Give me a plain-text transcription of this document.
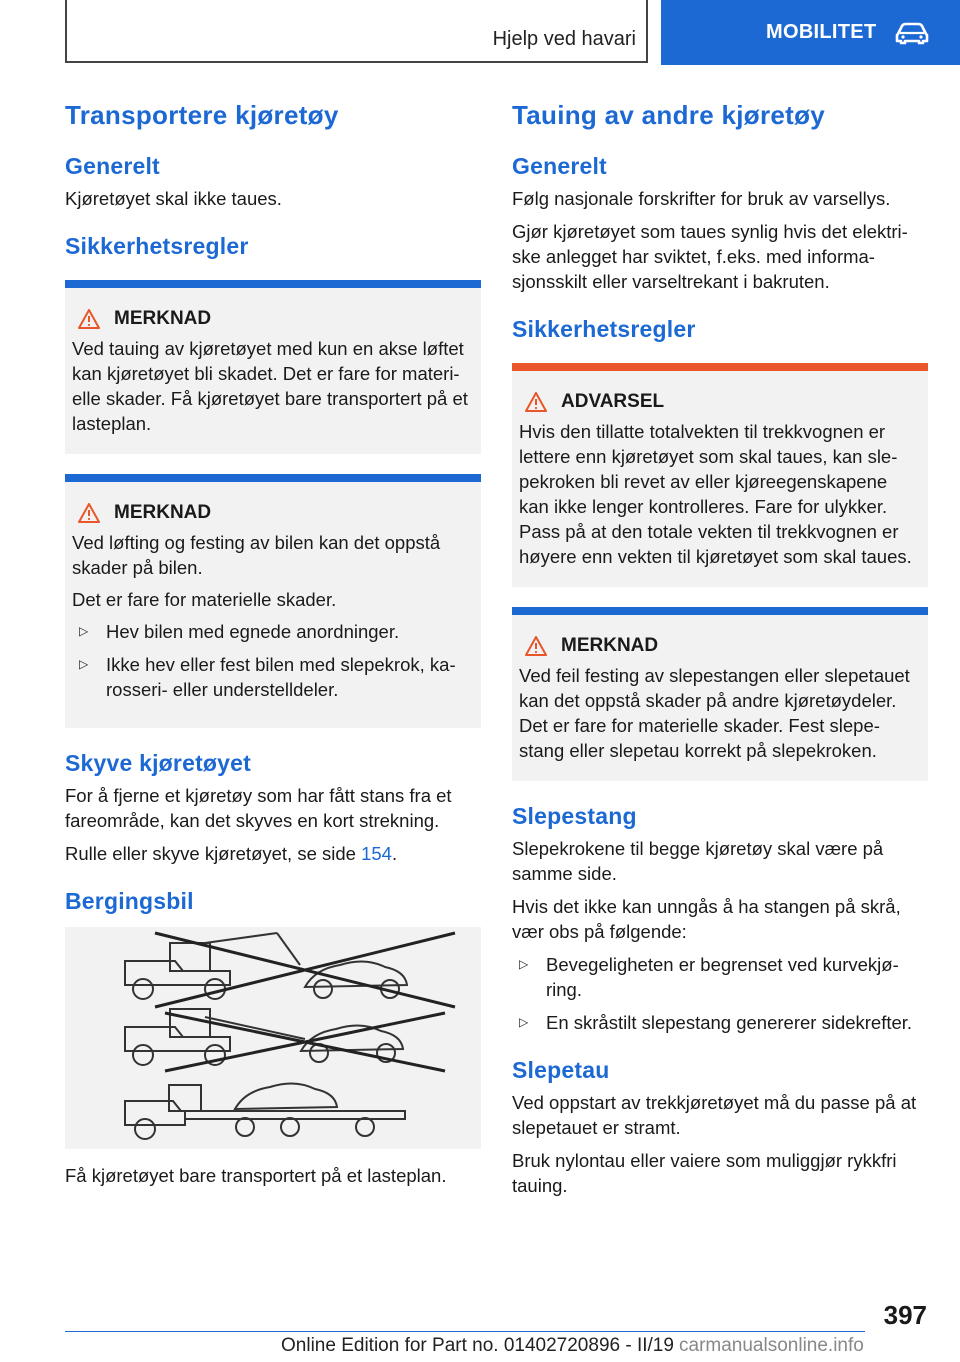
Hjelp ved havari	MOBILITET
Transportere kjøretøy
Generelt
Kjøretøyet skal ikke taues.
Sikkerhetsregler
MERKNAD
Ved tauing av kjøretøyet med kun en akse løftet kan kjøretøyet bli skadet. Det er fare for materi-elle skader. Få kjøretøyet bare transportert på et lasteplan.
MERKNAD
Ved løfting og festing av bilen kan det oppstå skader på bilen.
Det er fare for materielle skader.
▷ Hev bilen med egnede anordninger.
▷ Ikke hev eller fest bilen med slepekrok, ka-rosseri- eller understelldeler.
Skyve kjøretøyet
For å fjerne et kjøretøy som har fått stans fra et fareområde, kan det skyves en kort strekning.
Rulle eller skyve kjøretøyet, se side 154.
Bergingsbil
Få kjøretøyet bare transportert på et lasteplan.
Tauing av andre kjøretøy
Generelt
Følg nasjonale forskrifter for bruk av varsellys.
Gjør kjøretøyet som taues synlig hvis det elektri-ske anlegget har sviktet, f.eks. med informa-sjonsskilt eller varseltrekant i bakruten.
Sikkerhetsregler
ADVARSEL
Hvis den tillatte totalvekten til trekkvognen er lettere enn kjøretøyet som skal taues, kan sle-pekroken bli revet av eller kjøreegenskapene kan ikke lenger kontrolleres. Fare for ulykker. Pass på at den totale vekten til trekkvognen er høyere enn vekten til kjøretøyet som skal taues.
MERKNAD
Ved feil festing av slepestangen eller slepetauet kan det oppstå skader på andre kjøretøydeler. Det er fare for materielle skader. Fest slepe-stang eller slepetau korrekt på slepekroken.
Slepestang
Slepekrokene til begge kjøretøy skal være på samme side.
Hvis det ikke kan unngås å ha stangen på skrå, vær obs på følgende:
▷ Bevegeligheten er begrenset ved kurvekjø-ring.
▷ En skråstilt slepestang genererer sidekrefter.
Slepetau
Ved oppstart av trekkjøretøyet må du passe på at slepetauet er stramt.
Bruk nylontau eller vaiere som muliggjør rykkfri tauing.
397
Online Edition for Part no. 01402720896 - II/19 carmanualsonline.info
